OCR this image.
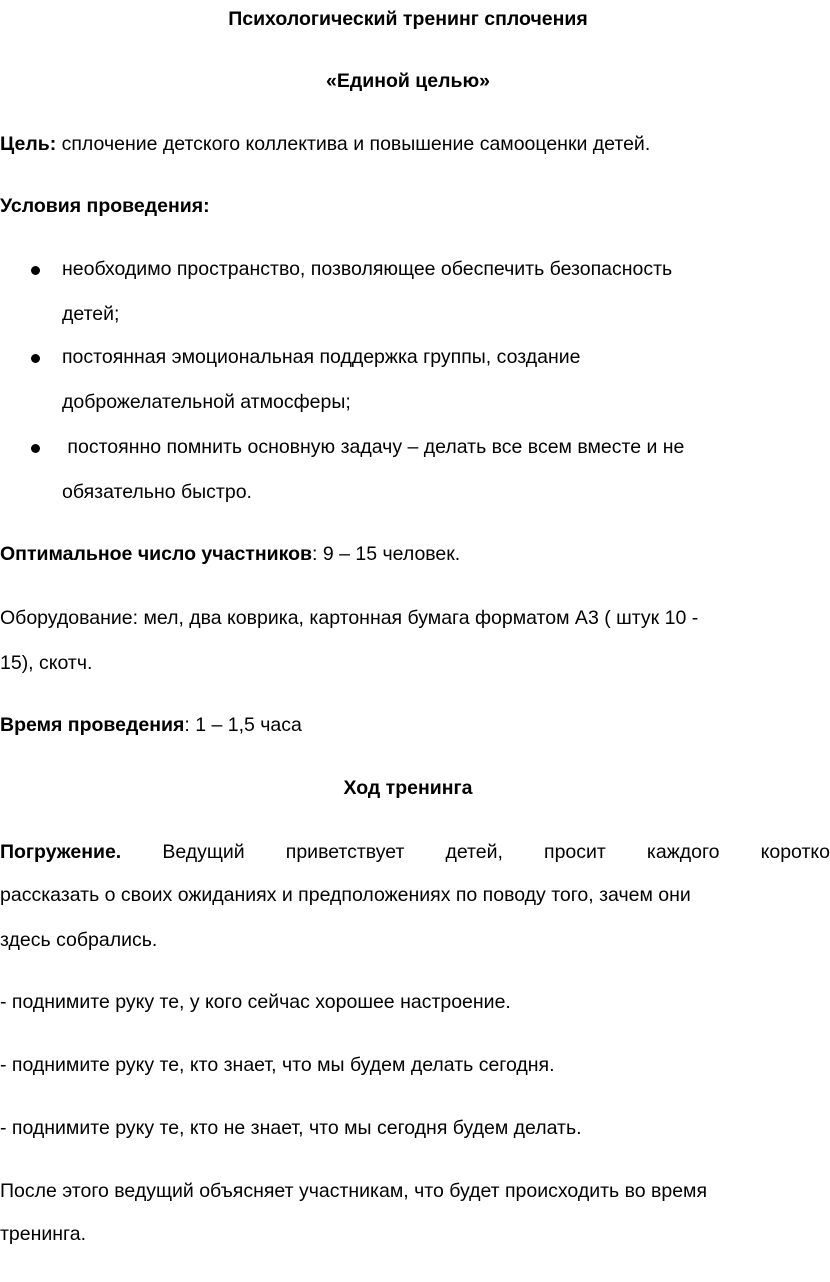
Психологический тренинг сплочения
«Единой целью»
Цель: сплочение детского коллектива и повышение самооценки детей.
Условия проведения:
необходимо пространство, позволяющее обеспечить безопасность
детей;
постоянная эмоциональная поддержка группы, создание
доброжелательной атмосферы;
постоянно помнить основную задачу – делать все всем вместе и не
обязательно быстро.
Оптимальное число участников: 9 – 15 человек.
Оборудование: мел, два коврика, картонная бумага форматом А3 ( штук 10 -
15), скотч.
Время проведения: 1 – 1,5 часа
Ход тренинга
Погружение. Ведущий приветствует детей, просит каждого коротко
рассказать о своих ожиданиях и предположениях по поводу того, зачем они
здесь собрались.
- поднимите руку те, у кого сейчас хорошее настроение.
- поднимите руку те, кто знает, что мы будем делать сегодня.
- поднимите руку те, кто не знает, что мы сегодня будем делать.
После этого ведущий объясняет участникам, что будет происходить во время
тренинга.
